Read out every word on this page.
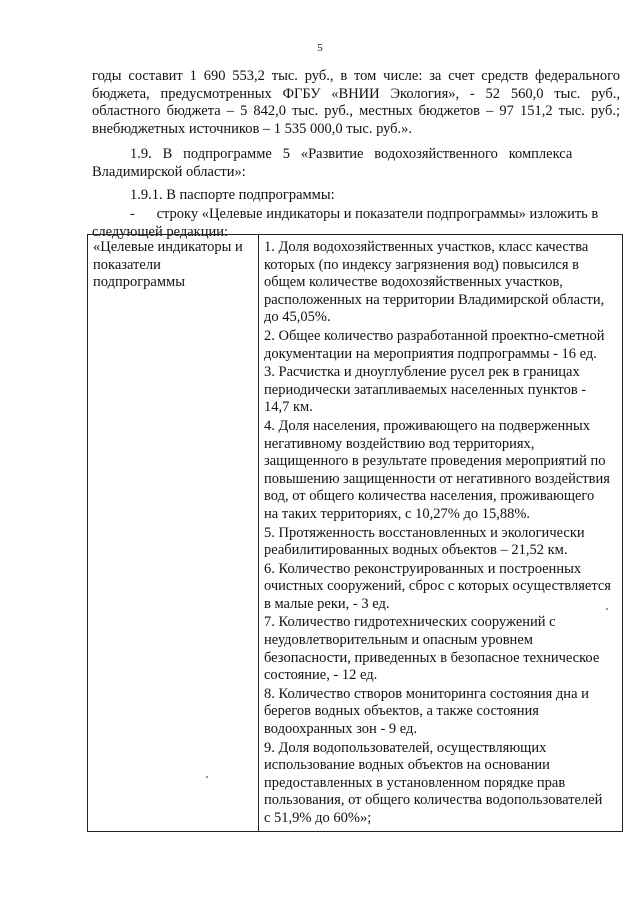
5
годы составит 1 690 553,2 тыс. руб., в том числе: за счет средств федерального
бюджета, предусмотренных ФГБУ «ВНИИ Экология», - 52 560,0 тыс. руб.,
областного бюджета – 5 842,0 тыс. руб., местных бюджетов – 97 151,2 тыс. руб.;
внебюджетных источников – 1 535 000,0 тыс. руб.».
1.9.   В   подпрограмме   5   «Развитие   водохозяйственного   комплекса
Владимирской области»:
1.9.1. В паспорте подпрограммы:
-      строку «Целевые индикаторы и показатели подпрограммы» изложить в
следующей редакции:
«Целевые индикаторы и
показатели
подпрограммы

1. Доля водохозяйственных участков, класс качества
которых (по индексу загрязнения вод) повысился в
общем количестве водохозяйственных участков,
расположенных на территории Владимирской области,
до 45,05%.
2. Общее количество разработанной проектно-сметной
документации на мероприятия подпрограммы - 16 ед.
3. Расчистка и дноуглубление русел рек в границах
периодически затапливаемых населенных пунктов -
14,7 км.
4. Доля населения, проживающего на подверженных
негативному воздействию вод территориях,
защищенного в результате проведения мероприятий по
повышению защищенности от негативного воздействия
вод, от общего количества населения, проживающего
на таких территориях, с 10,27% до 15,88%.
5. Протяженность восстановленных и экологически
реабилитированных водных объектов – 21,52 км.
6. Количество реконструированных и построенных
очистных сооружений, сброс с которых осуществляется
в малые реки, - 3 ед.
7. Количество гидротехнических сооружений с
неудовлетворительным и опасным уровнем
безопасности, приведенных в безопасное техническое
состояние, - 12 ед.
8. Количество створов мониторинга состояния дна и
берегов водных объектов, а также состояния
водоохранных зон - 9 ед.
9. Доля водопользователей, осуществляющих
использование водных объектов на основании
предоставленных в установленном порядке прав
пользования, от общего количества водопользователей
с 51,9% до 60%»;
